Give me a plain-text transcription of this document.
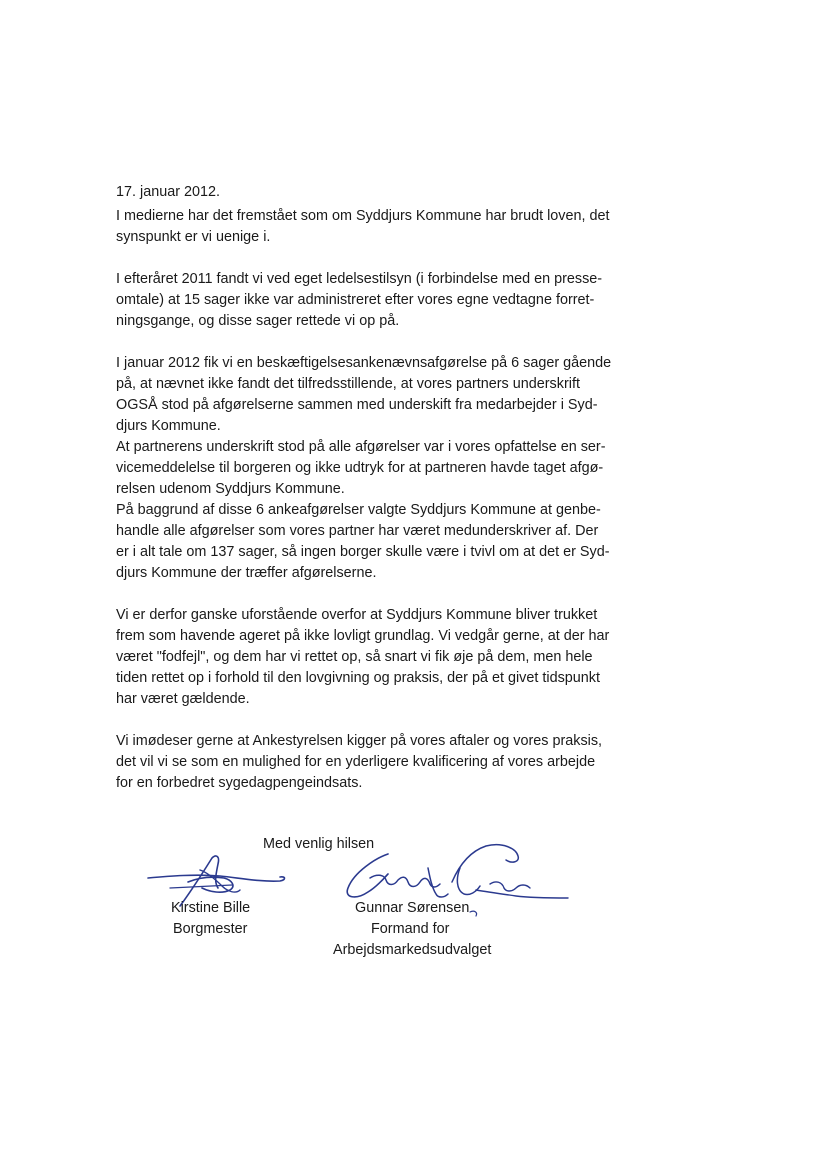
17. januar 2012.
I medierne har det fremstået som om Syddjurs Kommune har brudt loven, det
synspunkt er vi uenige i.
I efteråret 2011 fandt vi ved eget ledelsestilsyn (i forbindelse med en presse-
omtale) at 15 sager ikke var administreret efter vores egne vedtagne forret-
ningsgange, og disse sager rettede vi op på.
I januar 2012 fik vi en beskæftigelsesankenævnsafgørelse på 6 sager gående
på, at nævnet ikke fandt det tilfredsstillende, at vores partners underskrift
OGSÅ stod på afgørelserne sammen med underskift fra medarbejder i Syd-
djurs Kommune.
At partnerens underskrift stod på alle afgørelser var i vores opfattelse en ser-
vicemeddelelse til borgeren og ikke udtryk for at partneren havde taget afgø-
relsen udenom Syddjurs Kommune.
På baggrund af disse 6 ankeafgørelser valgte Syddjurs Kommune at genbe-
handle alle afgørelser som vores partner har været medunderskriver af. Der
er i alt tale om 137 sager, så ingen borger skulle være i tvivl om at det er Syd-
djurs Kommune der træffer afgørelserne.
Vi er derfor ganske uforstående overfor at Syddjurs Kommune bliver trukket
frem som havende ageret på ikke lovligt grundlag. Vi vedgår gerne, at der har
været "fodfejl", og dem har vi rettet op, så snart vi fik øje på dem, men hele
tiden rettet op i forhold til den lovgivning og praksis, der på et givet tidspunkt
har været gældende.
Vi imødeser gerne at Ankestyrelsen kigger på vores aftaler og vores praksis,
det vil vi se som en mulighed for en yderligere kvalificering af vores arbejde
for en forbedret sygedagpengeindsats.
Med venlig hilsen
Kirstine Bille
Borgmester
Gunnar Sørensen
Formand for
Arbejdsmarkedsudvalget
